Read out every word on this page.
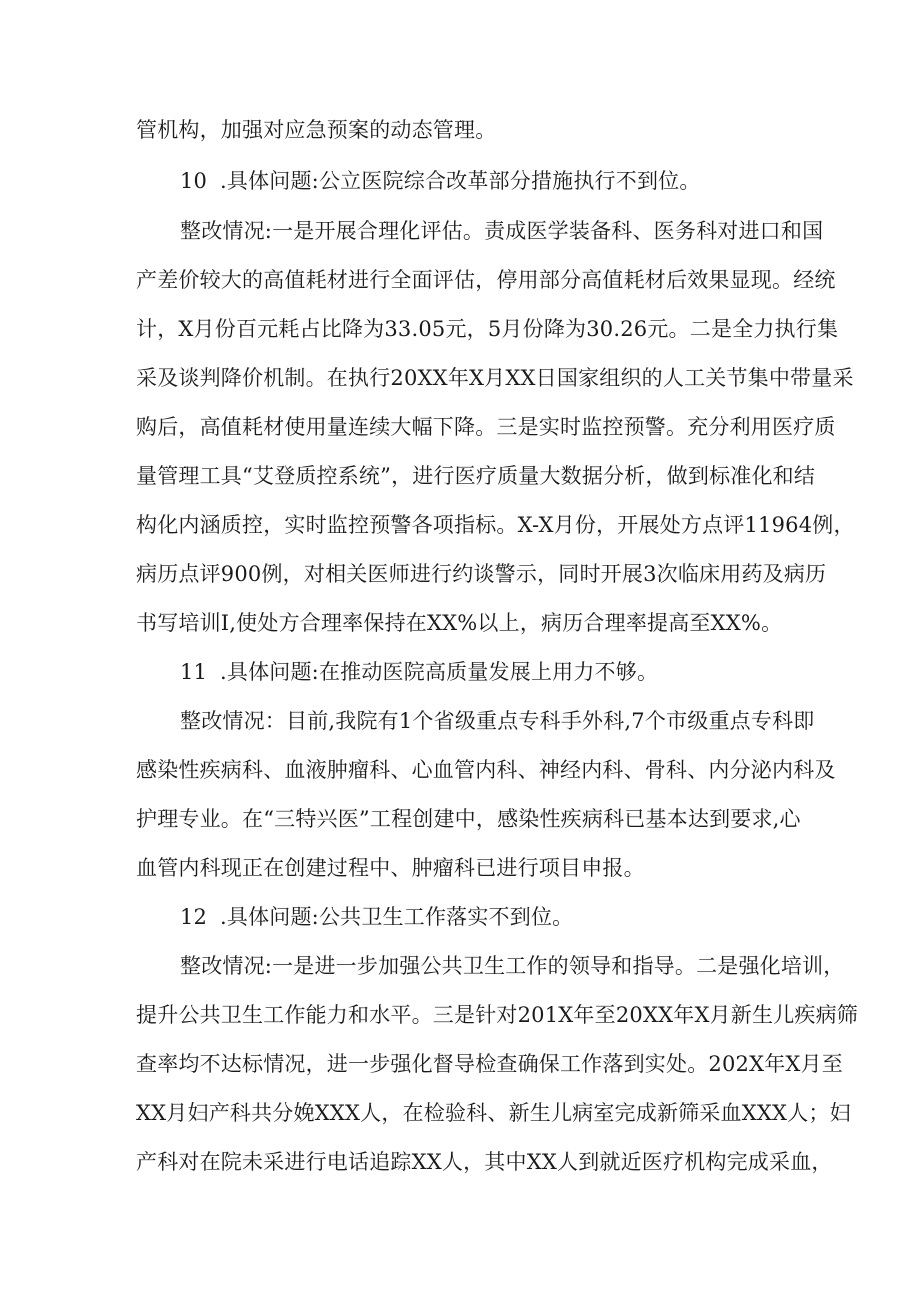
管机构，加强对应急预案的动态管理。
10 .具体问题:公立医院综合改革部分措施执行不到位。
整改情况:一是开展合理化评估。责成医学装备科、医务科对进口和国
产差价较大的高值耗材进行全面评估，停用部分高值耗材后效果显现。经统
计，X月份百元耗占比降为33.05元，5月份降为30.26元。二是全力执行集
采及谈判降价机制。在执行20XX年X月XX日国家组织的人工关节集中带量采
购后，高值耗材使用量连续大幅下降。三是实时监控预警。充分利用医疗质
量管理工具“艾登质控系统”，进行医疗质量大数据分析，做到标准化和结
构化内涵质控，实时监控预警各项指标。X-X月份，开展处方点评11964例，
病历点评900例，对相关医师进行约谈警示，同时开展3次临床用药及病历
书写培训I,使处方合理率保持在XX%以上，病历合理率提高至XX%。
11 .具体问题:在推动医院高质量发展上用力不够。
整改情况：目前,我院有1个省级重点专科手外科,7个市级重点专科即
感染性疾病科、血液肿瘤科、心血管内科、神经内科、骨科、内分泌内科及
护理专业。在“三特兴医”工程创建中，感染性疾病科已基本达到要求,心
血管内科现正在创建过程中、肿瘤科已进行项目申报。
12 .具体问题:公共卫生工作落实不到位。
整改情况:一是进一步加强公共卫生工作的领导和指导。二是强化培训，
提升公共卫生工作能力和水平。三是针对201X年至20XX年X月新生儿疾病筛
查率均不达标情况，进一步强化督导检查确保工作落到实处。202X年X月至
XX月妇产科共分娩XXX人，在检验科、新生儿病室完成新筛采血XXX人；妇
产科对在院未采进行电话追踪XX人，其中XX人到就近医疗机构完成采血，
